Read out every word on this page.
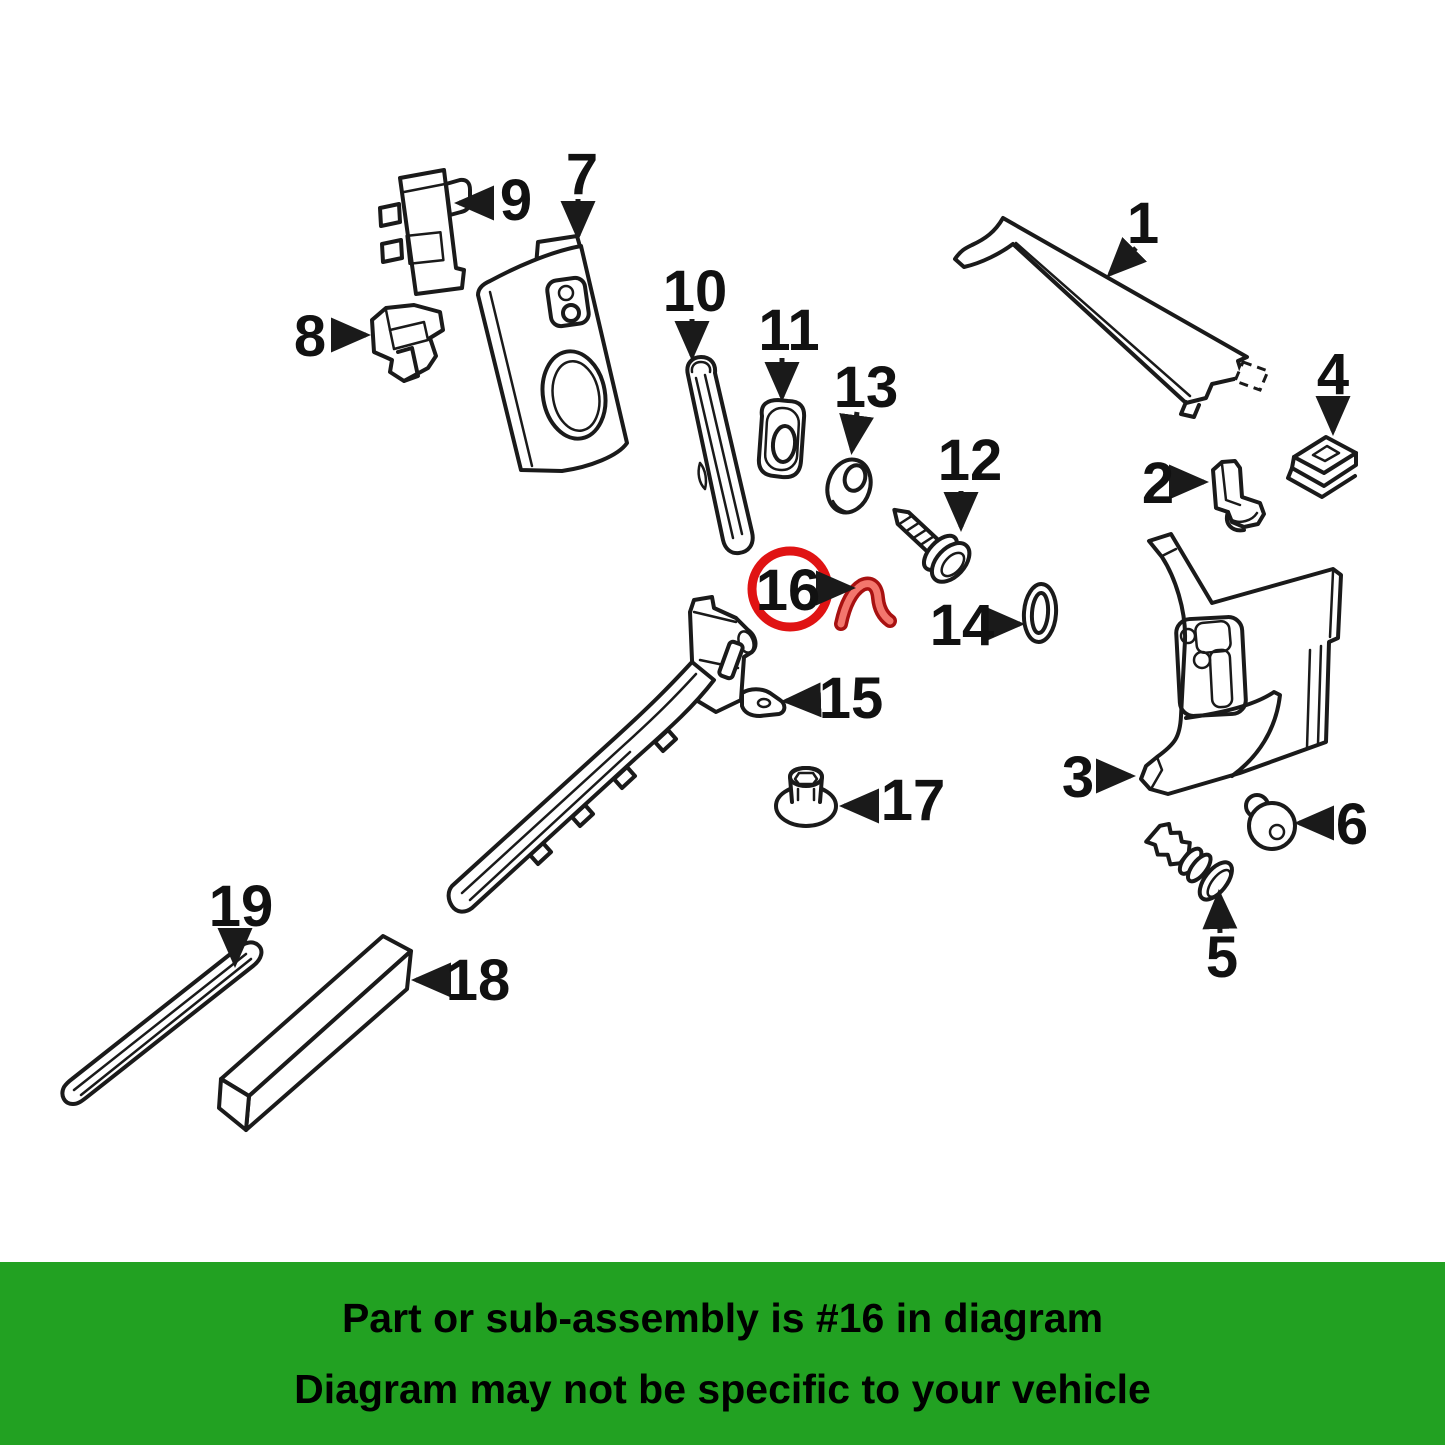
1
2
3
4
5
6
7
8
9
10
11
12
13
14
15
17
18
19
16
Part or sub-assembly is #16 in diagram
Diagram may not be specific to your vehicle
